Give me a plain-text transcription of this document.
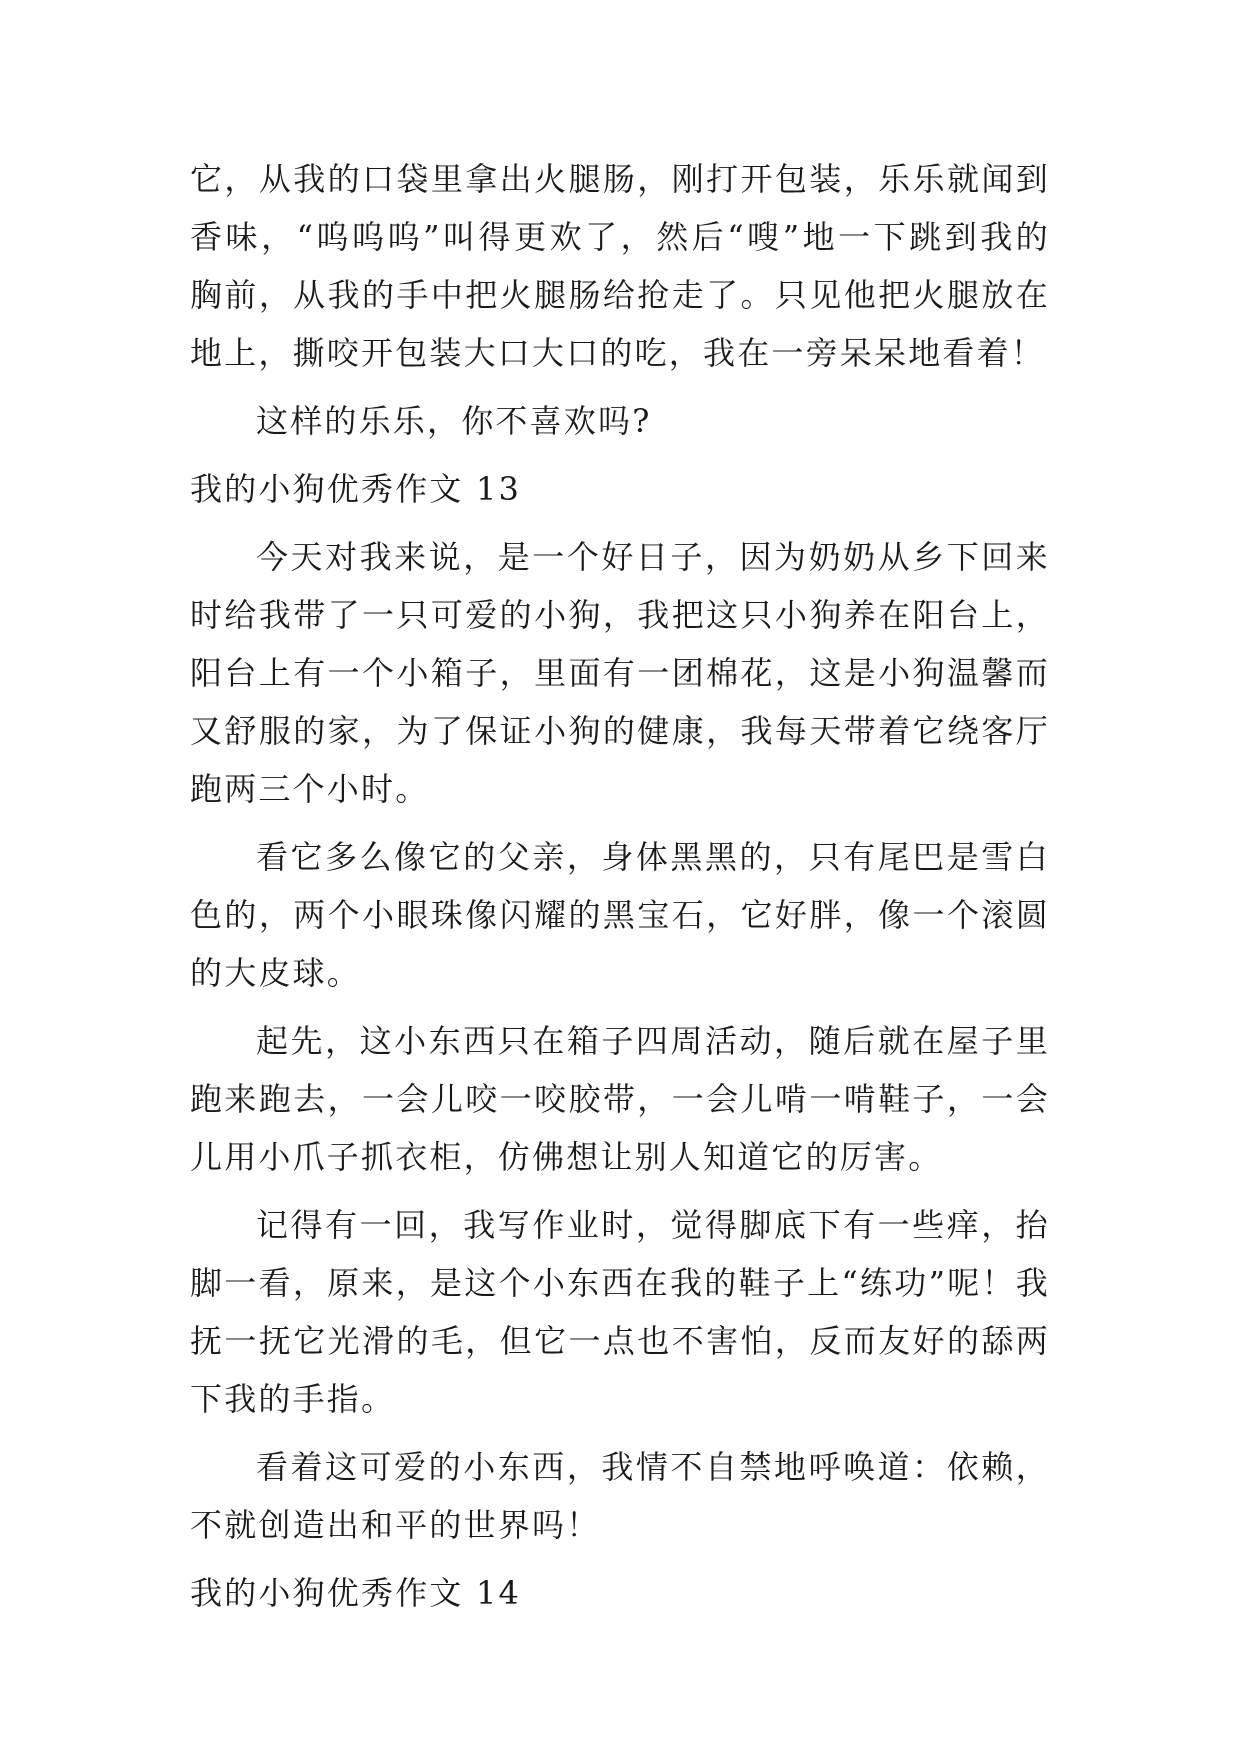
它，从我的口袋里拿出火腿肠，刚打开包装，乐乐就闻到香味，“呜呜呜”叫得更欢了，然后“嗖”地一下跳到我的胸前，从我的手中把火腿肠给抢走了。只见他把火腿放在地上，撕咬开包装大口大口的吃，我在一旁呆呆地看着！

这样的乐乐，你不喜欢吗?

我的小狗优秀作文 13

今天对我来说，是一个好日子，因为奶奶从乡下回来时给我带了一只可爱的小狗，我把这只小狗养在阳台上，阳台上有一个小箱子，里面有一团棉花，这是小狗温馨而又舒服的家，为了保证小狗的健康，我每天带着它绕客厅跑两三个小时。

看它多么像它的父亲，身体黑黑的，只有尾巴是雪白色的，两个小眼珠像闪耀的黑宝石，它好胖，像一个滚圆的大皮球。

起先，这小东西只在箱子四周活动，随后就在屋子里跑来跑去，一会儿咬一咬胶带，一会儿啃一啃鞋子，一会儿用小爪子抓衣柜，仿佛想让别人知道它的厉害。

记得有一回，我写作业时，觉得脚底下有一些痒，抬脚一看，原来，是这个小东西在我的鞋子上“练功”呢！我抚一抚它光滑的毛，但它一点也不害怕，反而友好的舔两下我的手指。

看着这可爱的小东西，我情不自禁地呼唤道：依赖，不就创造出和平的世界吗！

我的小狗优秀作文 14
